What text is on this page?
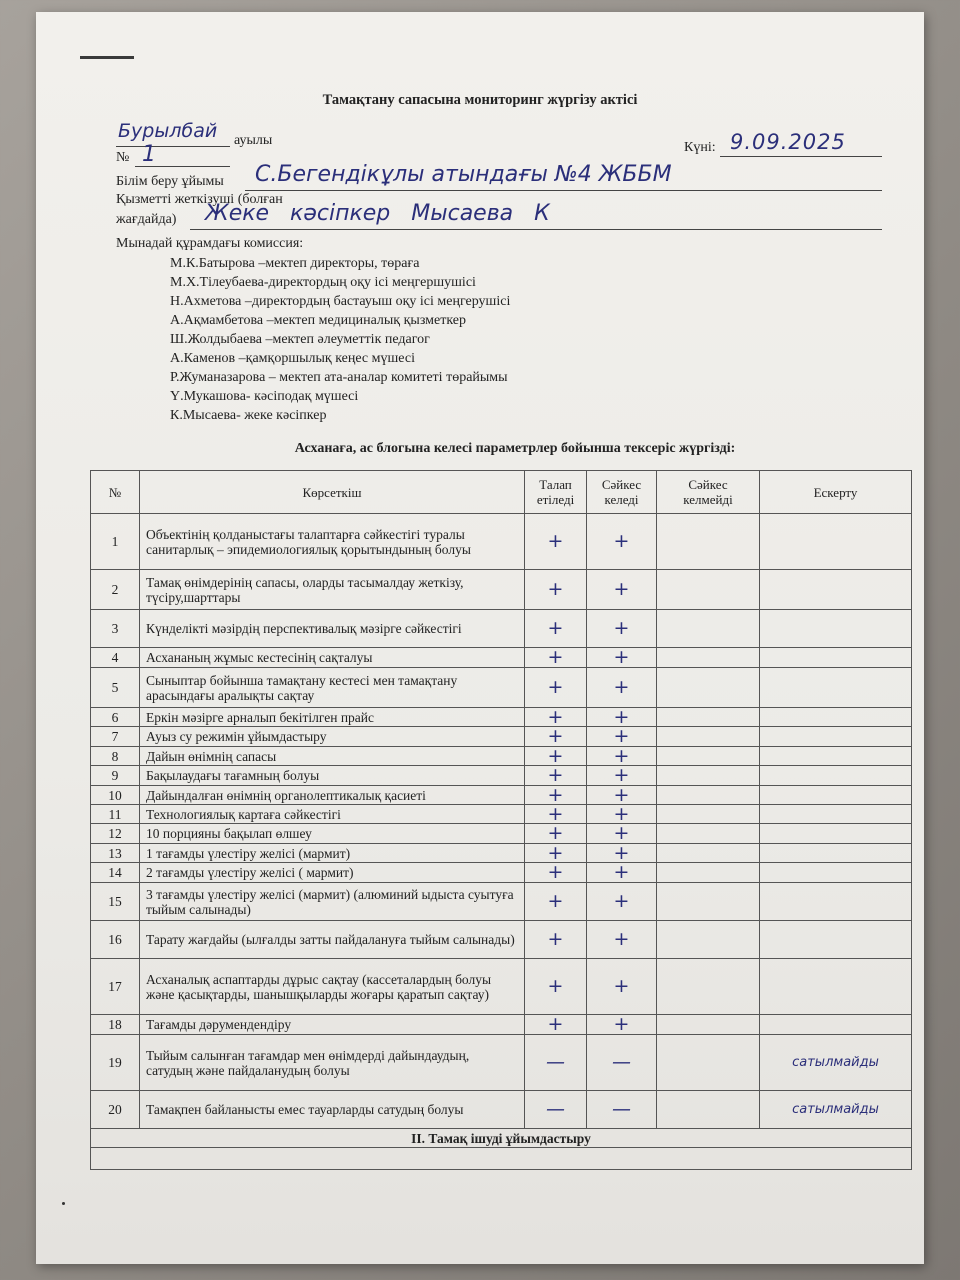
Тамақтану сапасына мониторинг жүргізу актісі
Бурылбай ауылы
№ 1	Күні: 9.09.2025
Білім беру ұйымы С.Бегендікұлы атындағы №4 ЖББМ
Қызметті жеткізуші (болған
жағдайда) Жеке кәсіпкер Мысаева К
Мынадай құрамдағы комиссия:
М.К.Батырова –мектеп директоры, төраға
М.Х.Тілеубаева-директордың оқу ісі меңгершушісі
Н.Ахметова –директордың бастауыш оқу ісі меңгерушісі
А.Ақмамбетова –мектеп медициналық қызметкер
Ш.Жолдыбаева –мектеп әлеуметтік педагог
А.Каменов –қамқоршылық кеңес мүшесі
Р.Жуманазарова – мектеп ата-аналар комитеті төрайымы
Ү.Мукашова- кәсіподақ мүшесі
К.Мысаева- жеке кәсіпкер
Асханаға, ас блогына келесі параметрлер бойынша тексеріс жүргізді:
№	Көрсеткіш	Талап етіледі	Сәйкес келеді	Сәйкес келмейді	Ескерту
1	Объектінің қолданыстағы талаптарға сәйкестігі туралы санитарлық – эпидемиологиялық қорытындының болуы	+	+		
2	Тамақ өнімдерінің сапасы, оларды тасымалдау жеткізу, түсіру,шарттары	+	+		
3	Күнделікті мәзірдің перспективалық мәзірге сәйкестігі	+	+		
4	Асхананың жұмыс кестесінің сақталуы	+	+		
5	Сыныптар бойынша тамақтану кестесі мен тамақтану арасындағы аралықты сақтау	+	+		
6	Еркін мәзірге арналып бекітілген прайс	+	+		
7	Ауыз су режимін ұйымдастыру	+	+		
8	Дайын өнімнің сапасы	+	+		
9	Бақылаудағы тағамның болуы	+	+		
10	Дайындалған өнімнің органолептикалық қасиеті	+	+		
11	Технологиялық картаға сәйкестігі	+	+		
12	10 порцияны бақылап өлшеу	+	+		
13	1 тағамды үлестіру желісі (мармит)	+	+		
14	2 тағамды үлестіру желісі ( мармит)	+	+		
15	3 тағамды үлестіру желісі (мармит) (алюминий ыдыста суытуға тыйым салынады)	+	+		
16	Тарату жағдайы (ылғалды затты пайдалануға тыйым салынады)	+	+		
17	Асханалық аспаптарды дұрыс сақтау (кассеталардың болуы және қасықтарды, шанышқыларды жоғары қаратып сақтау)	+	+		
18	Тағамды дәрумендендіру	+	+		
19	Тыйым салынған тағамдар мен өнімдерді дайындаудың, сатудың және пайдаланудың болуы	—	—		сатылмайды
20	Тамақпен байланысты емес тауарларды сатудың болуы	—	—		сатылмайды
ІІ. Тамақ ішуді ұйымдастыру					
